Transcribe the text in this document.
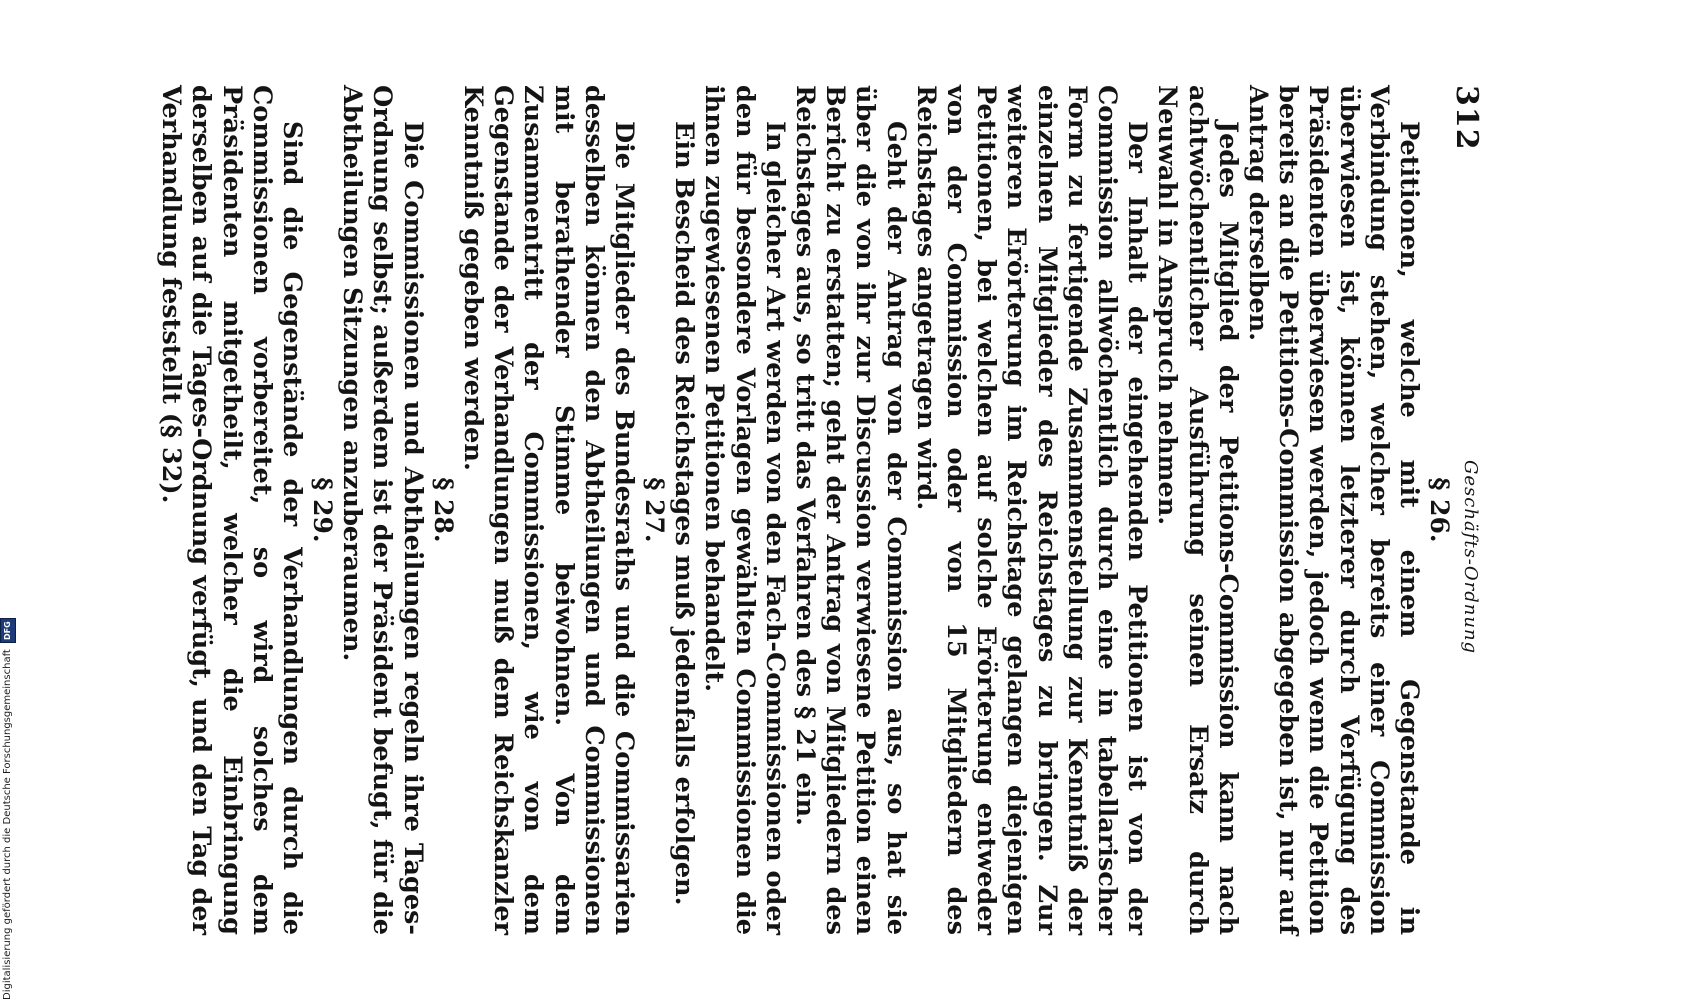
Digitalisierung gefördert durch die Deutsche Forschungsgemeinschaft DFG
312
Geschäfts-Ordnung

§ 26.

Petitionen, welche mit einem Gegenstande in Verbindung stehen, welcher bereits einer Commission überwiesen ist, können letzterer durch Verfügung des Präsidenten überwiesen werden, jedoch wenn die Petition bereits an die Petitions-Commission abgegeben ist, nur auf Antrag derselben.

Jedes Mitglied der Petitions-Commission kann nach achtwöchentlicher Ausführung seinen Ersatz durch Neuwahl in Anspruch nehmen.

Der Inhalt der eingehenden Petitionen ist von der Commission allwöchentlich durch eine in tabellarischer Form zu fertigende Zusammenstellung zur Kenntniß der einzelnen Mitglieder des Reichstages zu bringen. Zur weiteren Erörterung im Reichstage gelangen diejenigen Petitionen, bei welchen auf solche Erörterung entweder von der Commission oder von 15 Mitgliedern des Reichstages angetragen wird.

Geht der Antrag von der Commission aus, so hat sie über die von ihr zur Discussion verwiesene Petition einen Bericht zu erstatten; geht der Antrag von Mitgliedern des Reichstages aus, so tritt das Verfahren des § 21 ein.

In gleicher Art werden von den Fach-Commissionen oder den für besondere Vorlagen gewählten Commissionen die ihnen zugewiesenen Petitionen behandelt.

Ein Bescheid des Reichstages muß jedenfalls erfolgen.

§ 27.

Die Mitglieder des Bundesraths und die Commissarien desselben können den Abtheilungen und Commissionen mit berathender Stimme beiwohnen. Von dem Zusammentritt der Commissionen, wie von dem Gegenstande der Verhandlungen muß dem Reichskanzler Kenntniß gegeben werden.

§ 28.

Die Commissionen und Abtheilungen regeln ihre Tages-Ordnung selbst; außerdem ist der Präsident befugt, für die Abtheilungen Sitzungen anzuberaumen.

§ 29.

Sind die Gegenstände der Verhandlungen durch die Commissionen vorbereitet, so wird solches dem Präsidenten mitgetheilt, welcher die Einbringung derselben auf die Tages-Ordnung verfügt, und den Tag der Verhandlung feststellt (§ 32).
